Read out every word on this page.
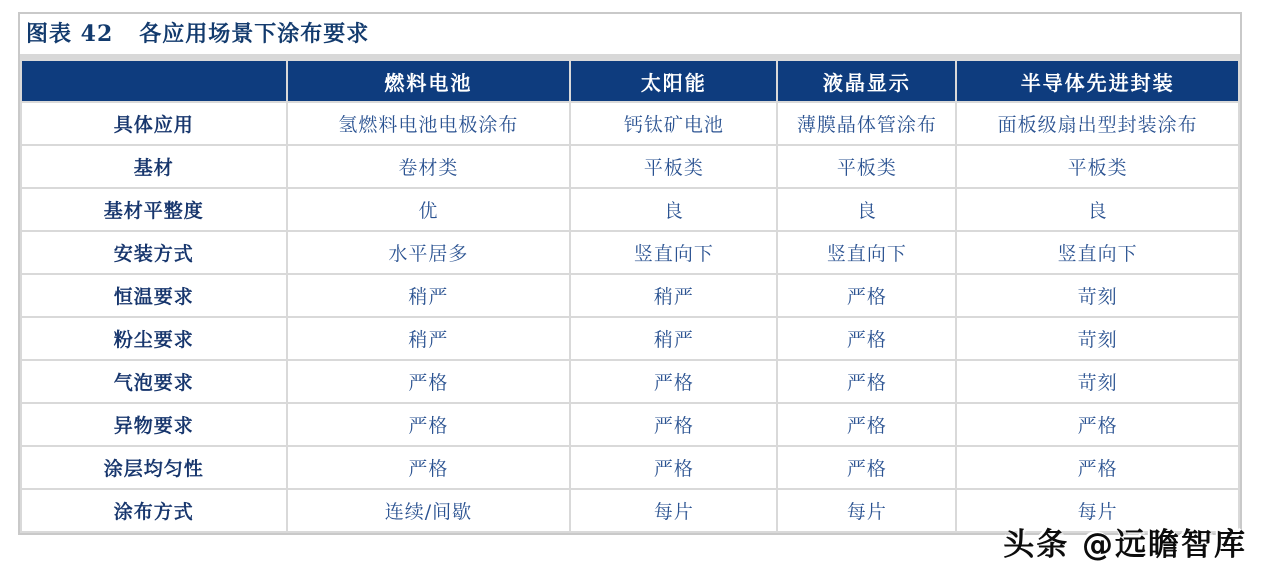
图表 42   各应用场景下涂布要求
	燃料电池	太阳能	液晶显示	半导体先进封装
具体应用	氢燃料电池电极涂布	钙钛矿电池	薄膜晶体管涂布	面板级扇出型封装涂布
基材	卷材类	平板类	平板类	平板类
基材平整度	优	良	良	良
安装方式	水平居多	竖直向下	竖直向下	竖直向下
恒温要求	稍严	稍严	严格	苛刻
粉尘要求	稍严	稍严	严格	苛刻
气泡要求	严格	严格	严格	苛刻
异物要求	严格	严格	严格	严格
涂层均匀性	严格	严格	严格	严格
涂布方式	连续/间歇	每片	每片	每片
头条 @远瞻智库
